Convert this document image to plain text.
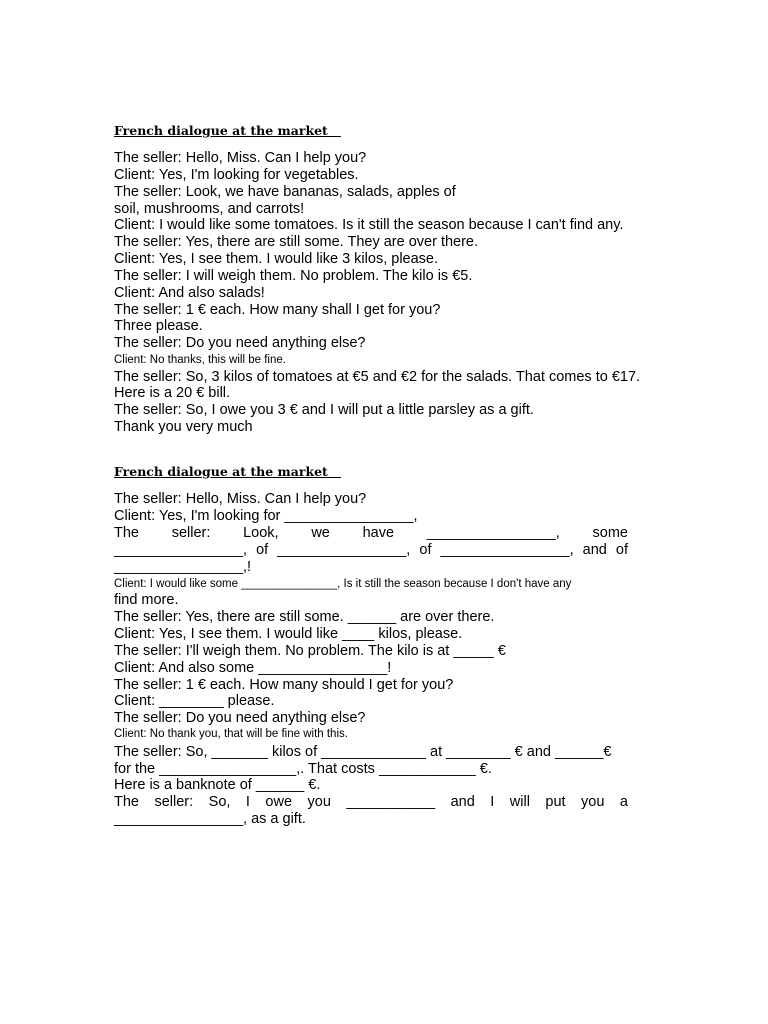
French dialogue at the market
The seller: Hello, Miss. Can I help you?
Client: Yes, I'm looking for vegetables.
The seller: Look, we have bananas, salads, apples of
soil, mushrooms, and carrots!
Client: I would like some tomatoes. Is it still the season because I can't find any.
The seller: Yes, there are still some. They are over there.
Client: Yes, I see them. I would like 3 kilos, please.
The seller: I will weigh them. No problem. The kilo is €5.
Client: And also salads!
The seller: 1 € each. How many shall I get for you?
Three please.
The seller: Do you need anything else?
Client: No thanks, this will be fine.
The seller: So, 3 kilos of tomatoes at €5 and €2 for the salads. That comes to €17.
Here is a 20 € bill.
The seller: So, I owe you 3 € and I will put a little parsley as a gift.
Thank you very much
French dialogue at the market
The seller: Hello, Miss. Can I help you?
Client: Yes, I'm looking for ________________,
The seller: Look, we have ________________, some
________________, of ________________, of ________________, and of
________________,!
Client: I would like some _______________, Is it still the season because I don't have any
find more.
The seller: Yes, there are still some. ______ are over there.
Client: Yes, I see them. I would like ____ kilos, please.
The seller: I'll weigh them. No problem. The kilo is at _____ €
Client: And also some ________________!
The seller: 1 € each. How many should I get for you?
Client: ________ please.
The seller: Do you need anything else?
Client: No thank you, that will be fine with this.
The seller: So, _______ kilos of _____________ at ________ € and ______€
for the _________________,. That costs ____________ €.
Here is a banknote of ______ €.
The seller: So, I owe you ___________ and I will put you a
________________, as a gift.
